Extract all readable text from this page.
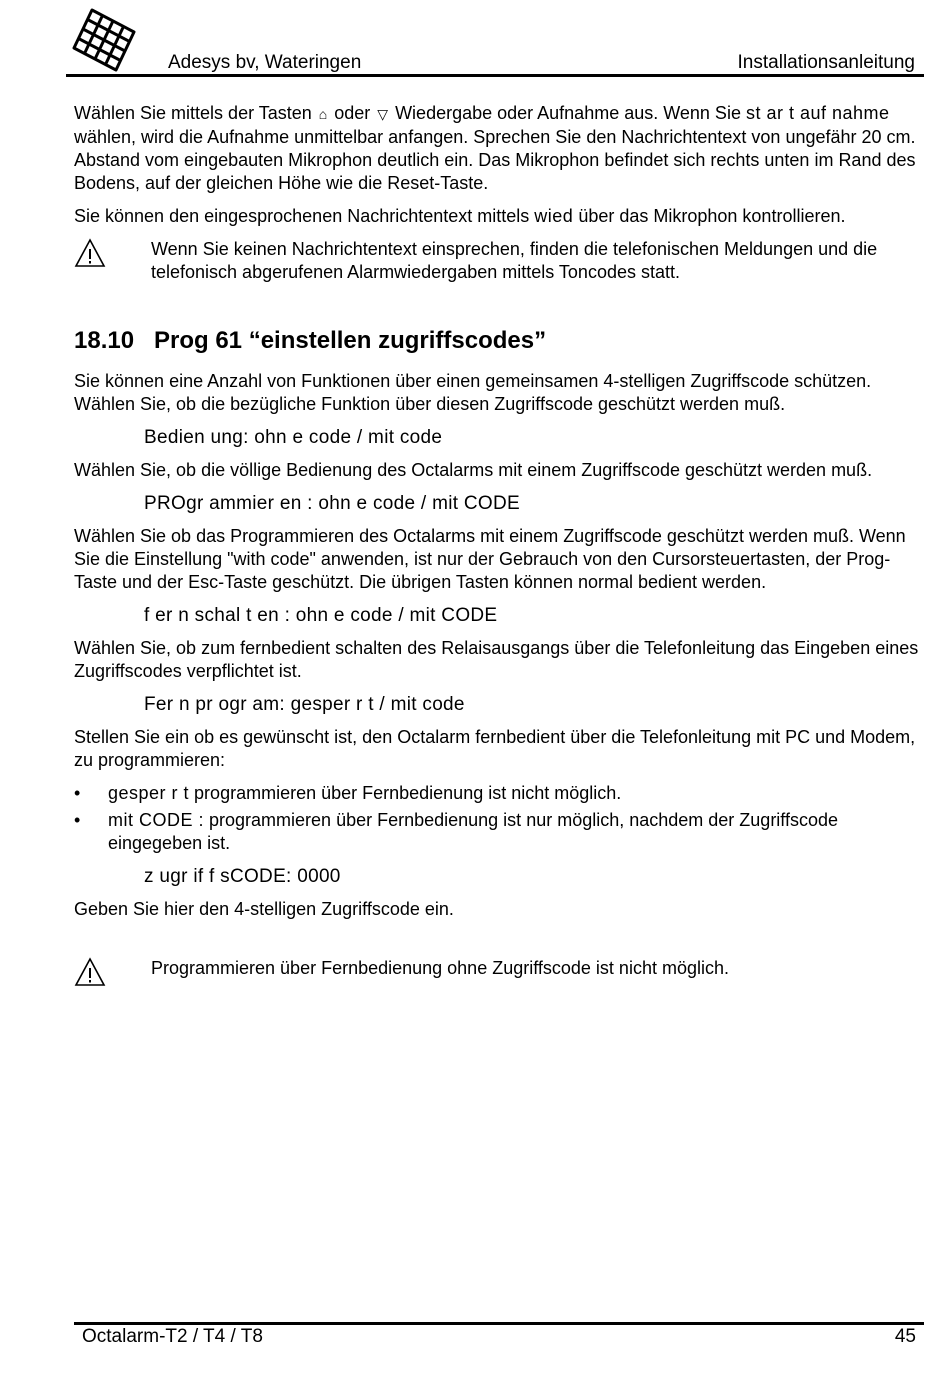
Adesys bv, Wateringen	Installationsanleitung

Wählen Sie mittels der Tasten ⌂ oder ▽ Wiedergabe oder Aufnahme aus. Wenn Sie st ar t auf nahme wählen, wird die Aufnahme unmittelbar anfangen. Sprechen Sie den Nachrichtentext von ungefähr 20 cm. Abstand vom eingebauten Mikrophon deutlich ein. Das Mikrophon befindet sich rechts unten im Rand des Bodens, auf der gleichen Höhe wie die Reset-Taste.

Sie können den eingesprochenen Nachrichtentext mittels wied über das Mikrophon kontrollieren.

Wenn Sie keinen Nachrichtentext einsprechen, finden die telefonischen Meldungen und die telefonisch abgerufenen Alarmwiedergaben mittels Toncodes statt.
18.10 Prog 61 “einstellen zugriffscodes”

Sie können eine Anzahl von Funktionen über einen gemeinsamen 4-stelligen Zugriffscode schützen. Wählen Sie, ob die bezügliche Funktion über diesen Zugriffscode geschützt werden muß.

Bedien ung: ohn e code / mit code

Wählen Sie, ob die völlige Bedienung des Octalarms mit einem Zugriffscode geschützt werden muß.

PROgr ammier en : ohn e code / mit CODE

Wählen Sie ob das Programmieren des Octalarms mit einem Zugriffscode geschützt werden muß. Wenn Sie die Einstellung "with code" anwenden, ist nur der Gebrauch von den Cursorsteuertasten, der Prog-Taste und der Esc-Taste geschützt. Die übrigen Tasten können normal bedient werden.

f er n schal t en : ohn e code / mit CODE

Wählen Sie, ob zum fernbedient schalten des Relaisausgangs über die Telefonleitung das Eingeben eines Zugriffscodes verpflichtet ist.

Fer n pr ogr am: gesper r t / mit code

Stellen Sie ein ob es gewünscht ist, den Octalarm fernbedient über die Telefonleitung mit PC und Modem, zu programmieren:

• gesper r t programmieren über Fernbedienung ist nicht möglich.
• mit CODE : programmieren über Fernbedienung ist nur möglich, nachdem der Zugriffscode eingegeben ist.
z ugr if f sCODE: 0000

Geben Sie hier den 4-stelligen Zugriffscode ein.

Programmieren über Fernbedienung ohne Zugriffscode ist nicht möglich.
Octalarm-T2 / T4 / T8	45
